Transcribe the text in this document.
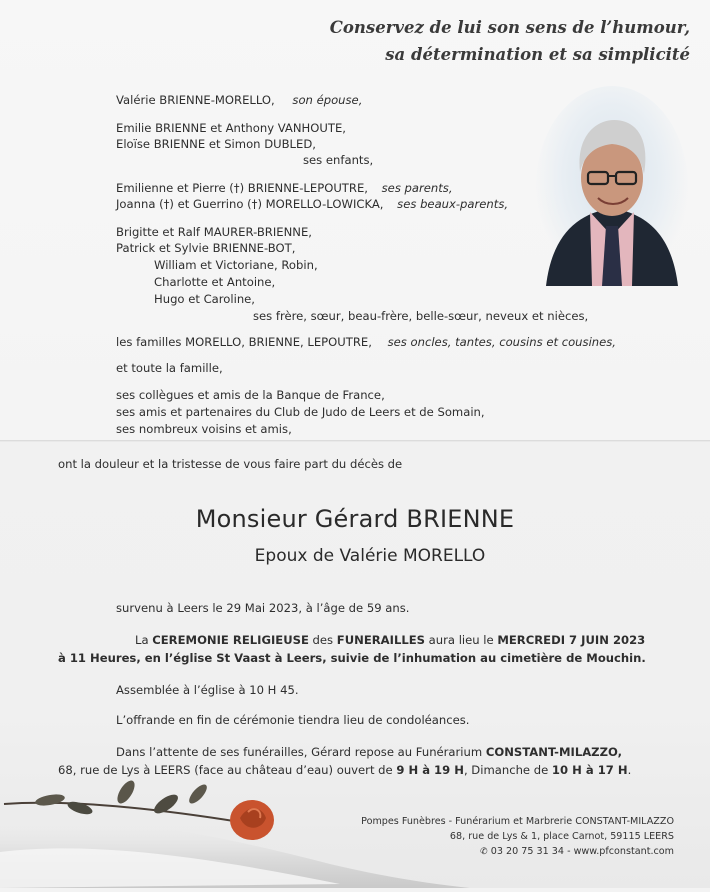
Conservez de lui son sens de l’humour,
sa détermination et sa simplicité
Valérie BRIENNE-MORELLO, son épouse,
Emilie BRIENNE et Anthony VANHOUTE,
Eloïse BRIENNE et Simon DUBLED,
ses enfants,
Emilienne et Pierre (†) BRIENNE-LEPOUTRE, ses parents,
Joanna (†) et Guerrino (†) MORELLO-LOWICKA, ses beaux-parents,
Brigitte et Ralf MAURER-BRIENNE,
Patrick et Sylvie BRIENNE-BOT,
William et Victoriane, Robin,
Charlotte et Antoine,
Hugo et Caroline,
ses frère, sœur, beau-frère, belle-sœur, neveux et nièces,
les familles MORELLO, BRIENNE, LEPOUTRE, ses oncles, tantes, cousins et cousines,
et toute la famille,
ses collègues et amis de la Banque de France,
ses amis et partenaires du Club de Judo de Leers et de Somain,
ses nombreux voisins et amis,
ont la douleur et la tristesse de vous faire part du décès de
Monsieur Gérard BRIENNE
Epoux de Valérie MORELLO
survenu à Leers le 29 Mai 2023, à l’âge de 59 ans.
La CEREMONIE RELIGIEUSE des FUNERAILLES aura lieu le MERCREDI 7 JUIN 2023
à 11 Heures, en l’église St Vaast à Leers, suivie de l’inhumation au cimetière de Mouchin.
Assemblée à l’église à 10 H 45.
L’offrande en fin de cérémonie tiendra lieu de condoléances.
Dans l’attente de ses funérailles, Gérard repose au Funérarium CONSTANT-MILAZZO,
68, rue de Lys à LEERS (face au château d’eau) ouvert de 9 H à 19 H, Dimanche de 10 H à 17 H.
Pompes Funèbres - Funérarium et Marbrerie CONSTANT-MILAZZO
68, rue de Lys & 1, place Carnot, 59115 LEERS
✆ 03 20 75 31 34 - www.pfconstant.com
